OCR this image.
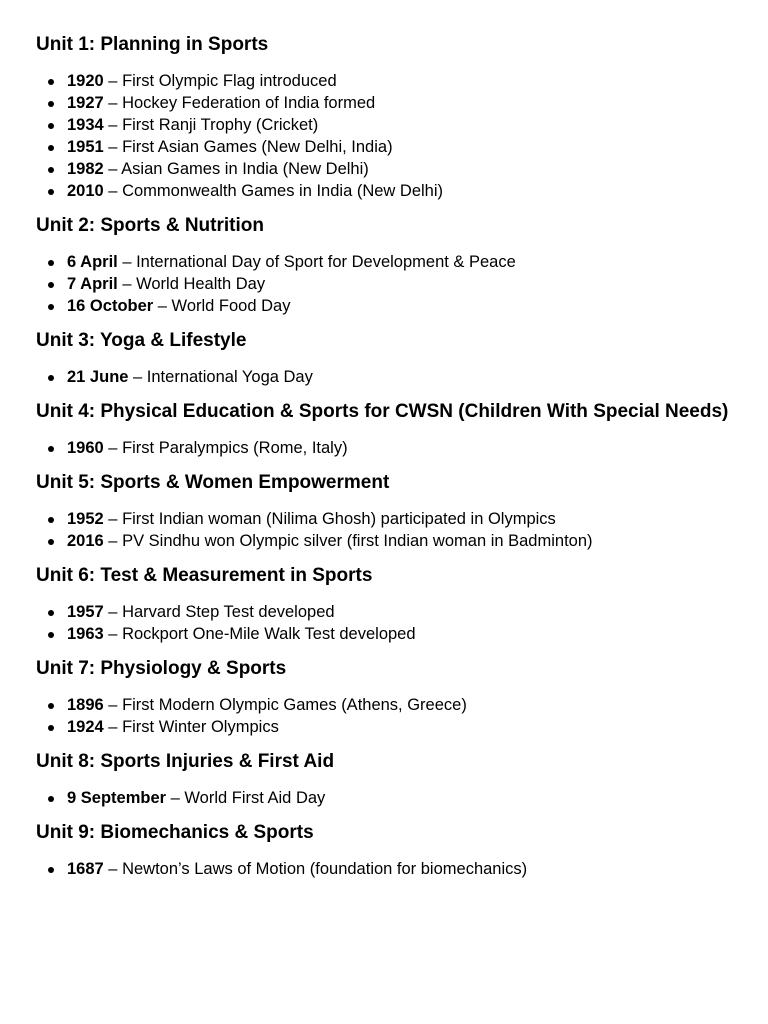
Unit 1: Planning in Sports
1920 – First Olympic Flag introduced
1927 – Hockey Federation of India formed
1934 – First Ranji Trophy (Cricket)
1951 – First Asian Games (New Delhi, India)
1982 – Asian Games in India (New Delhi)
2010 – Commonwealth Games in India (New Delhi)
Unit 2: Sports & Nutrition
6 April – International Day of Sport for Development & Peace
7 April – World Health Day
16 October – World Food Day
Unit 3: Yoga & Lifestyle
21 June – International Yoga Day
Unit 4: Physical Education & Sports for CWSN (Children With Special Needs)
1960 – First Paralympics (Rome, Italy)
Unit 5: Sports & Women Empowerment
1952 – First Indian woman (Nilima Ghosh) participated in Olympics
2016 – PV Sindhu won Olympic silver (first Indian woman in Badminton)
Unit 6: Test & Measurement in Sports
1957 – Harvard Step Test developed
1963 – Rockport One-Mile Walk Test developed
Unit 7: Physiology & Sports
1896 – First Modern Olympic Games (Athens, Greece)
1924 – First Winter Olympics
Unit 8: Sports Injuries & First Aid
9 September – World First Aid Day
Unit 9: Biomechanics & Sports
1687 – Newton’s Laws of Motion (foundation for biomechanics)
